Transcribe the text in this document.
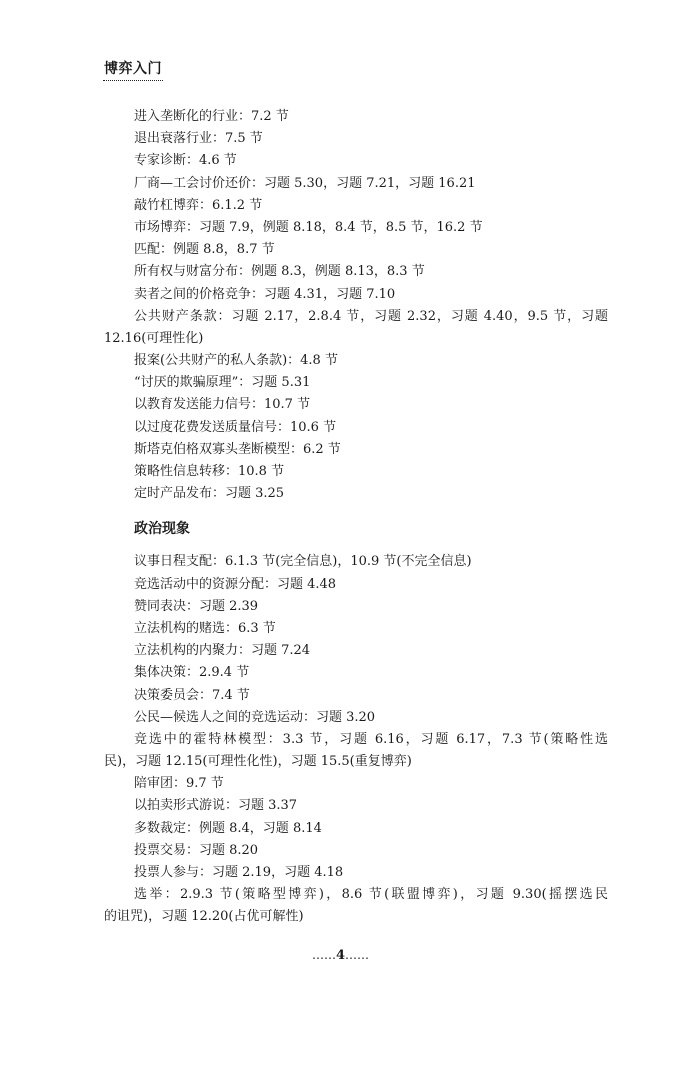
博弈入门
进入垄断化的行业：7.2 节
退出衰落行业：7.5 节
专家诊断：4.6 节
厂商—工会讨价还价：习题 5.30，习题 7.21，习题 16.21
敲竹杠博弈：6.1.2 节
市场博弈：习题 7.9，例题 8.18，8.4 节，8.5 节，16.2 节
匹配：例题 8.8，8.7 节
所有权与财富分布：例题 8.3，例题 8.13，8.3 节
卖者之间的价格竞争：习题 4.31，习题 7.10
公共财产条款：习题 2.17，2.8.4 节，习题 2.32，习题 4.40，9.5 节，习题
12.16(可理性化)
报案(公共财产的私人条款)：4.8 节
“讨厌的欺骗原理”：习题 5.31
以教育发送能力信号：10.7 节
以过度花费发送质量信号：10.6 节
斯塔克伯格双寡头垄断模型：6.2 节
策略性信息转移：10.8 节
定时产品发布：习题 3.25
政治现象
议事日程支配：6.1.3 节(完全信息)，10.9 节(不完全信息)
竞选活动中的资源分配：习题 4.48
赞同表决：习题 2.39
立法机构的赌选：6.3 节
立法机构的内聚力：习题 7.24
集体决策：2.9.4 节
决策委员会：7.4 节
公民—候选人之间的竞选运动：习题 3.20
竞选中的霍特林模型：3.3 节，习题 6.16，习题 6.17，7.3 节(策略性选
民)，习题 12.15(可理性化性)，习题 15.5(重复博弈)
陪审团：9.7 节
以拍卖形式游说：习题 3.37
多数裁定：例题 8.4，习题 8.14
投票交易：习题 8.20
投票人参与：习题 2.19，习题 4.18
选举：2.9.3 节(策略型博弈)，8.6 节(联盟博弈)，习题 9.30(摇摆选民
的诅咒)，习题 12.20(占优可解性)
……4……
